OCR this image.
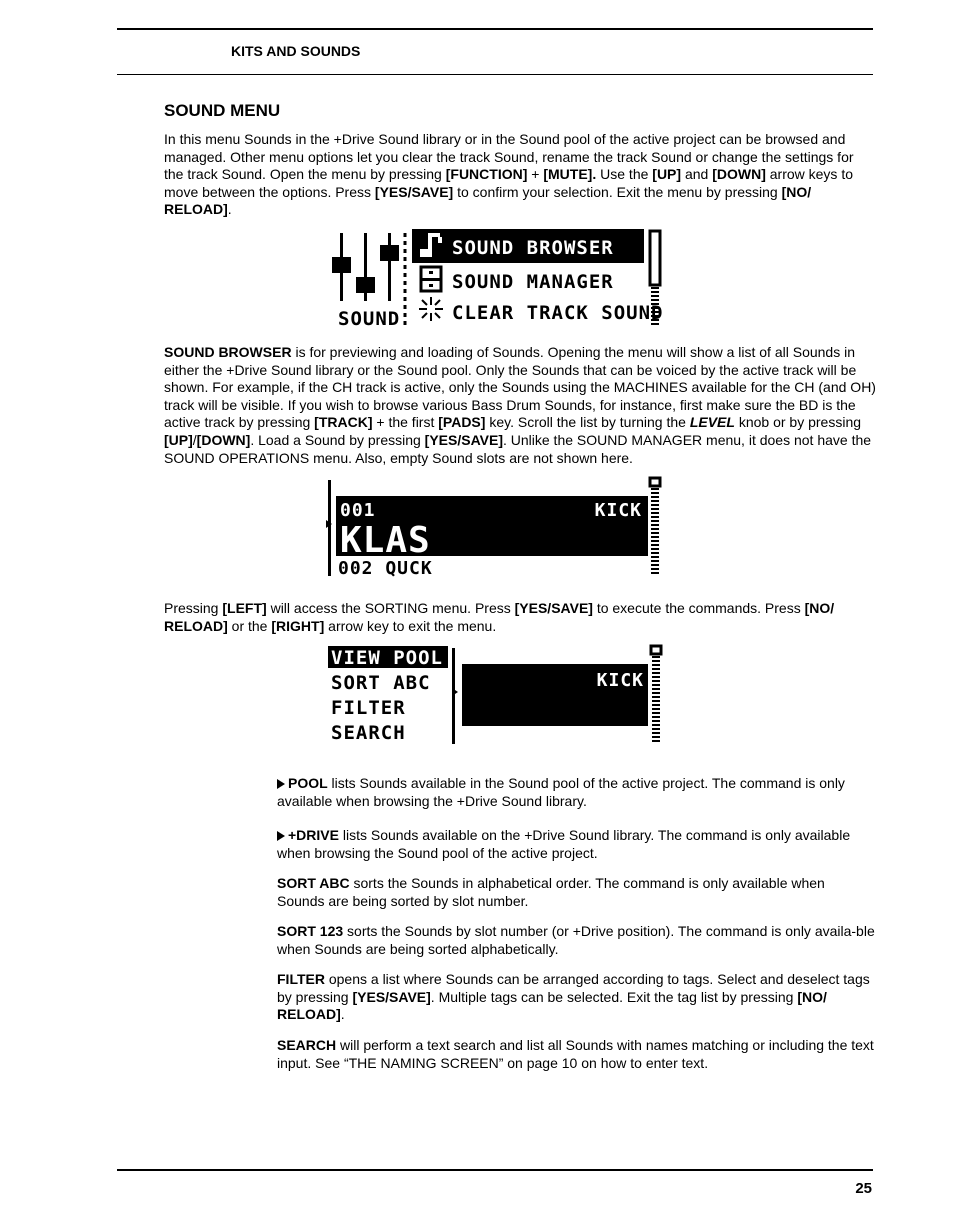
KITS AND SOUNDS
SOUND MENU
In this menu Sounds in the +Drive Sound library or in the Sound pool of the active project can be browsed and managed. Other menu options let you clear the track Sound, rename the track Sound or change the settings for the track Sound. Open the menu by pressing [FUNCTION] + [MUTE]. Use the [UP] and [DOWN] arrow keys to move between the options. Press [YES/SAVE] to confirm your selection. Exit the menu by pressing [NO/ RELOAD].
SOUND
SOUND BROWSER
SOUND MANAGER
CLEAR TRACK SOUND
SOUND BROWSER is for previewing and loading of Sounds. Opening the menu will show a list of all Sounds in either the +Drive Sound library or the Sound pool. Only the Sounds that can be voiced by the active track will be shown. For example, if the CH track is active, only the Sounds using the MACHINES available for the CH (and OH) track will be visible. If you wish to browse various Bass Drum Sounds, for instance, first make sure the BD is the active track by pressing [TRACK] + the first [PADS] key. Scroll the list by turning the LEVEL knob or by pressing [UP]/[DOWN]. Load a Sound by pressing [YES/SAVE]. Unlike the SOUND MANAGER menu, it does not have the SOUND OPERATIONS menu. Also, empty Sound slots are not shown here.
001	KICK
KLAS
002 QUCK
Pressing [LEFT] will access the SORTING menu. Press [YES/SAVE] to execute the commands. Press [NO/ RELOAD] or the [RIGHT] arrow key to exit the menu.
VIEW POOL
SORT ABC
FILTER
SEARCH
KICK
POOL lists Sounds available in the Sound pool of the active project. The command is only available when browsing the +Drive Sound library.
+DRIVE lists Sounds available on the +Drive Sound library. The command is only available when browsing the Sound pool of the active project.
SORT ABC sorts the Sounds in alphabetical order. The command is only available when Sounds are being sorted by slot number.
SORT 123 sorts the Sounds by slot number (or +Drive position). The command is only availa-ble when Sounds are being sorted alphabetically.
FILTER opens a list where Sounds can be arranged according to tags. Select and deselect tags by pressing [YES/SAVE]. Multiple tags can be selected. Exit the tag list by pressing [NO/ RELOAD].
SEARCH will perform a text search and list all Sounds with names matching or including the text input. See “THE NAMING SCREEN” on page 10 on how to enter text.
25
